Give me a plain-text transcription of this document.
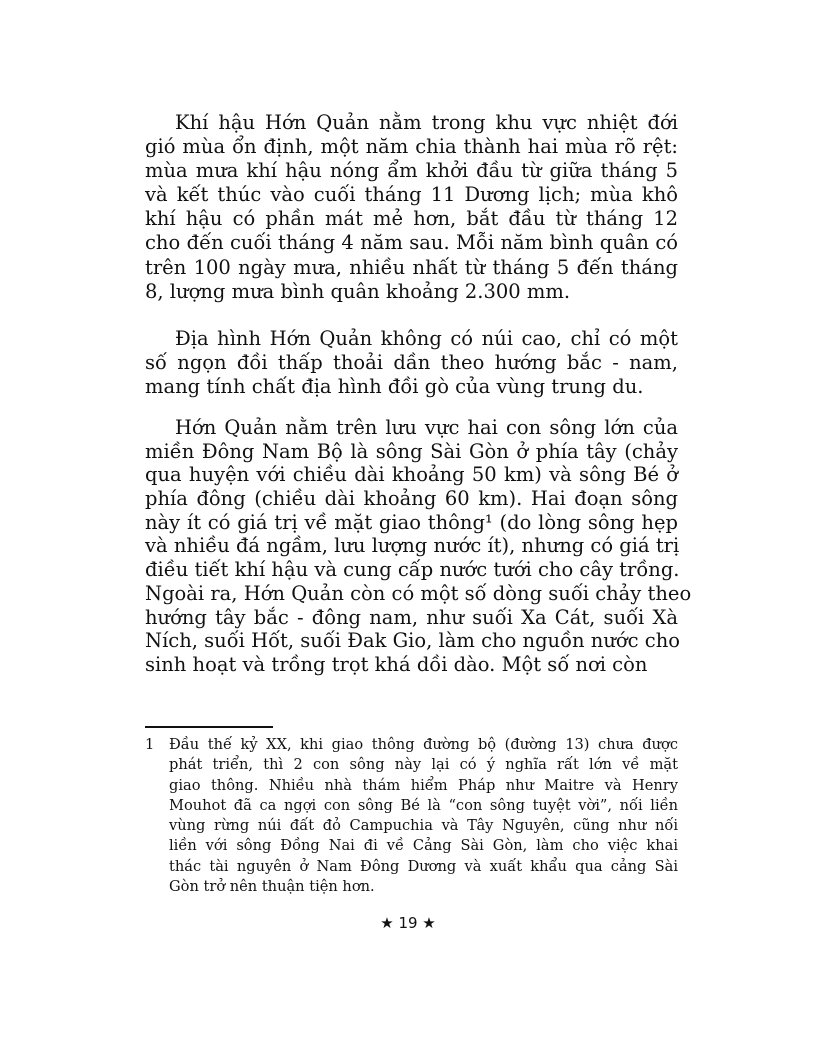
Khí hậu Hớn Quản nằm trong khu vực nhiệt đới
gió mùa ổn định, một năm chia thành hai mùa rõ rệt:
mùa mưa khí hậu nóng ẩm khởi đầu từ giữa tháng 5
và kết thúc vào cuối tháng 11 Dương lịch; mùa khô
khí hậu có phần mát mẻ hơn, bắt đầu từ tháng 12
cho đến cuối tháng 4 năm sau. Mỗi năm bình quân có
trên 100 ngày mưa, nhiều nhất từ tháng 5 đến tháng
8, lượng mưa bình quân khoảng 2.300 mm.
Địa hình Hớn Quản không có núi cao, chỉ có một
số ngọn đồi thấp thoải dần theo hướng bắc - nam,
mang tính chất địa hình đồi gò của vùng trung du.
Hớn Quản nằm trên lưu vực hai con sông lớn của
miền Đông Nam Bộ là sông Sài Gòn ở phía tây (chảy
qua huyện với chiều dài khoảng 50 km) và sông Bé ở
phía đông (chiều dài khoảng 60 km). Hai đoạn sông
này ít có giá trị về mặt giao thông¹ (do lòng sông hẹp
và nhiều đá ngầm, lưu lượng nước ít), nhưng có giá trị
điều tiết khí hậu và cung cấp nước tưới cho cây trồng.
Ngoài ra, Hớn Quản còn có một số dòng suối chảy theo
hướng tây bắc - đông nam, như suối Xa Cát, suối Xà
Ních, suối Hốt, suối Đak Gio, làm cho nguồn nước cho
sinh hoạt và trồng trọt khá dồi dào. Một số nơi còn
1 Đầu thế kỷ XX, khi giao thông đường bộ (đường 13) chưa được
phát triển, thì 2 con sông này lại có ý nghĩa rất lớn về mặt
giao thông. Nhiều nhà thám hiểm Pháp như Maitre và Henry
Mouhot đã ca ngợi con sông Bé là “con sông tuyệt vời”, nối liền
vùng rừng núi đất đỏ Campuchia và Tây Nguyên, cũng như nối
liền với sông Đồng Nai đi về Cảng Sài Gòn, làm cho việc khai
thác tài nguyên ở Nam Đông Dương và xuất khẩu qua cảng Sài
Gòn trở nên thuận tiện hơn.
★ 19 ★
